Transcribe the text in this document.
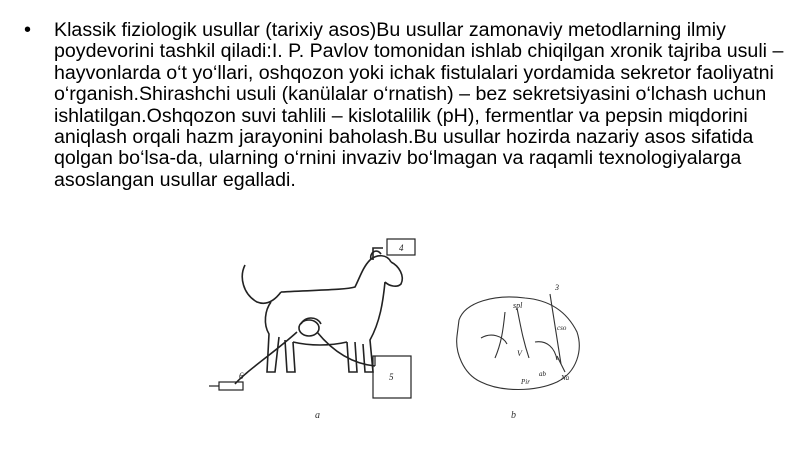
• Klassik fiziologik usullar (tarixiy asos)Bu usullar zamonaviy metodlarning ilmiy poydevorini tashkil qiladi:I. P. Pavlov tomonidan ishlab chiqilgan xronik tajriba usuli – hayvonlarda o‘t yo‘llari, oshqozon yoki ichak fistulalari yordamida sekretor faoliyatni o‘rganish.Shirashchi usuli (kanülalar o‘rnatish) – bez sekretsiyasini o‘lchash uchun ishlatilgan.Oshqozon suvi tahlili – kislotalilik (pH), fermentlar va pepsin miqdorini aniqlash orqali hazm jarayonini baholash.Bu usullar hozirda nazariy asos sifatida qolgan bo‘lsa-da, ularning o‘rnini invaziv bo‘lmagan va raqamli texnologiyalarga asoslangan usullar egalladi.
4
5
6
3
spl
cso
V
Pir
ab Na
a	b
